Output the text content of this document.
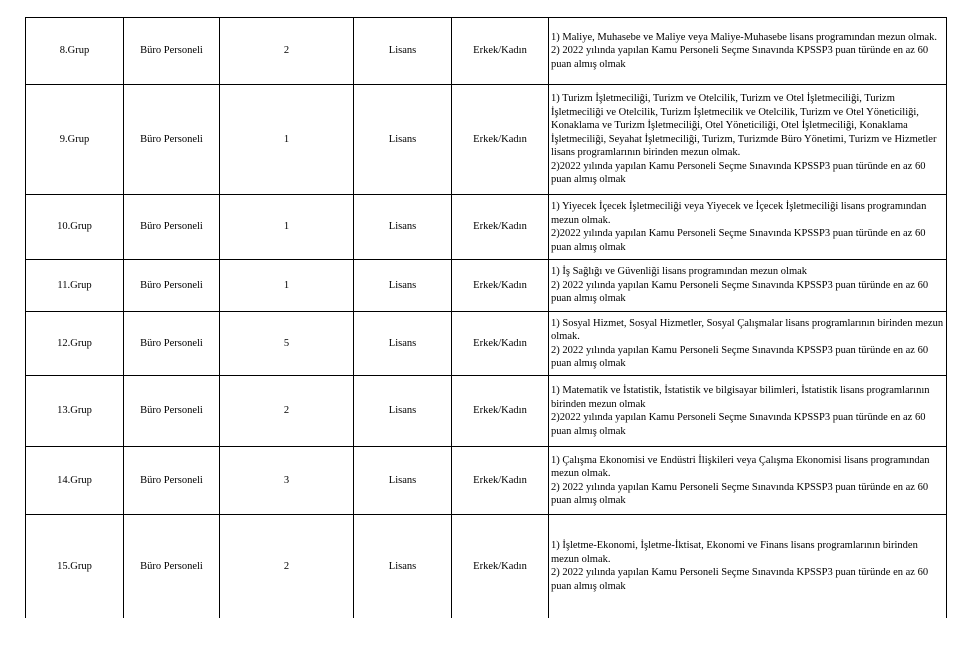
8.Grup	Büro Personeli	2	Lisans	Erkek/Kadın	1) Maliye, Muhasebe ve Maliye veya Maliye-Muhasebe lisans programından mezun olmak.
2) 2022 yılında yapılan Kamu Personeli Seçme Sınavında KPSSP3 puan türünde en az 60 puan almış olmak
9.Grup	Büro Personeli	1	Lisans	Erkek/Kadın	1) Turizm İşletmeciliği, Turizm ve Otelcilik, Turizm ve Otel İşletmeciliği, Turizm İşletmeciliği ve Otelcilik, Turizm İşletmecilik ve Otelcilik, Turizm ve Otel Yöneticiliği, Konaklama ve Turizm İşletmeciliği, Otel Yöneticiliği, Otel İşletmeciliği, Konaklama İşletmeciliği, Seyahat İşletmeciliği, Turizm, Turizmde Büro Yönetimi, Turizm ve Hizmetler lisans programlarının birinden mezun olmak.
2)2022 yılında yapılan Kamu Personeli Seçme Sınavında KPSSP3 puan türünde en az 60 puan almış olmak
10.Grup	Büro Personeli	1	Lisans	Erkek/Kadın	1) Yiyecek İçecek İşletmeciliği veya Yiyecek ve İçecek İşletmeciliği lisans programından mezun olmak.
2)2022 yılında yapılan Kamu Personeli Seçme Sınavında KPSSP3 puan türünde en az 60 puan almış olmak
11.Grup	Büro Personeli	1	Lisans	Erkek/Kadın	1) İş Sağlığı ve Güvenliği lisans programından mezun olmak
2) 2022 yılında yapılan Kamu Personeli Seçme Sınavında KPSSP3 puan türünde en az 60 puan almış olmak
12.Grup	Büro Personeli	5	Lisans	Erkek/Kadın	1) Sosyal Hizmet, Sosyal Hizmetler, Sosyal Çalışmalar lisans programlarının birinden mezun olmak.
2) 2022 yılında yapılan Kamu Personeli Seçme Sınavında KPSSP3 puan türünde en az 60 puan almış olmak
13.Grup	Büro Personeli	2	Lisans	Erkek/Kadın	1) Matematik ve İstatistik, İstatistik ve bilgisayar bilimleri, İstatistik lisans programlarının birinden mezun olmak
2)2022 yılında yapılan Kamu Personeli Seçme Sınavında KPSSP3 puan türünde en az 60 puan almış olmak
14.Grup	Büro Personeli	3	Lisans	Erkek/Kadın	1) Çalışma Ekonomisi ve Endüstri İlişkileri veya Çalışma Ekonomisi lisans programından mezun olmak.
2) 2022 yılında yapılan Kamu Personeli Seçme Sınavında KPSSP3 puan türünde en az 60 puan almış olmak
15.Grup	Büro Personeli	2	Lisans	Erkek/Kadın	1) İşletme-Ekonomi, İşletme-İktisat, Ekonomi ve Finans lisans programlarının birinden mezun olmak.
2) 2022 yılında yapılan Kamu Personeli Seçme Sınavında KPSSP3 puan türünde en az 60 puan almış olmak
